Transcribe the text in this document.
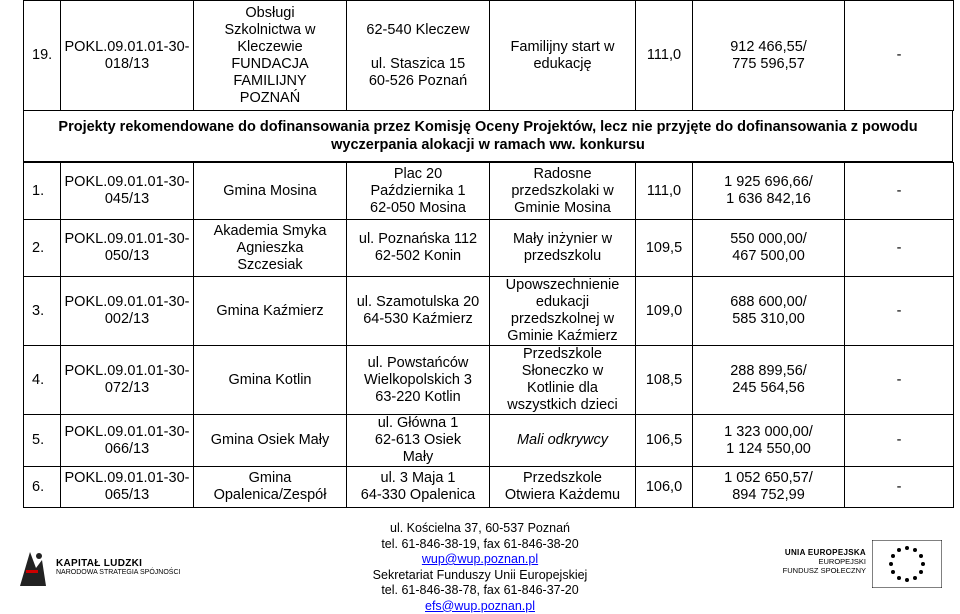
19.	POKL.09.01.01-30-
018/13	Obsługi
Szkolnictwa w
Kleczewie
FUNDACJA
FAMILIJNY
POZNAŃ	62-540 Kleczew

ul. Staszica 15
60-526 Poznań	Familijny start w
edukację	111,0	912 466,55/
775 596,57	-
Projekty rekomendowane do dofinansowania przez Komisję Oceny Projektów, lecz nie przyjęte do dofinansowania z powodu wyczerpania alokacji w ramach ww. konkursu
1.	POKL.09.01.01-30-
045/13	Gmina Mosina	Plac 20
Października 1
62-050 Mosina	Radosne
przedszkolaki w
Gminie Mosina	111,0	1 925 696,66/
1 636 842,16	-
2.	POKL.09.01.01-30-
050/13	Akademia Smyka
Agnieszka
Szczesiak	ul. Poznańska 112
62-502 Konin	Mały inżynier w
przedszkolu	109,5	550 000,00/
467 500,00	-
3.	POKL.09.01.01-30-
002/13	Gmina Kaźmierz	ul. Szamotulska 20
64-530 Kaźmierz	Upowszechnienie
edukacji
przedszkolnej w
Gminie Kaźmierz	109,0	688 600,00/
585 310,00	-
4.	POKL.09.01.01-30-
072/13	Gmina Kotlin	ul. Powstańców
Wielkopolskich 3
63-220 Kotlin	Przedszkole
Słoneczko w
Kotlinie dla
wszystkich dzieci	108,5	288 899,56/
245 564,56	-
5.	POKL.09.01.01-30-
066/13	Gmina Osiek Mały	ul. Główna 1
62-613 Osiek
Mały	Mali odkrywcy	106,5	1 323 000,00/
1 124 550,00	-
6.	POKL.09.01.01-30-
065/13	Gmina
Opalenica/Zespół	ul. 3 Maja 1
64-330 Opalenica	Przedszkole
Otwiera Każdemu	106,0	1 052 650,57/
894 752,99	-
KAPITAŁ LUDZKI
NARODOWA STRATEGIA SPÓJNOŚCI
ul. Kościelna 37, 60-537 Poznań
tel. 61-846-38-19, fax 61-846-38-20
wup@wup.poznan.pl
Sekretariat Funduszy Unii Europejskiej
tel. 61-846-38-78, fax 61-846-37-20
efs@wup.poznan.pl
UNIA EUROPEJSKA
EUROPEJSKI
FUNDUSZ SPOŁECZNY
